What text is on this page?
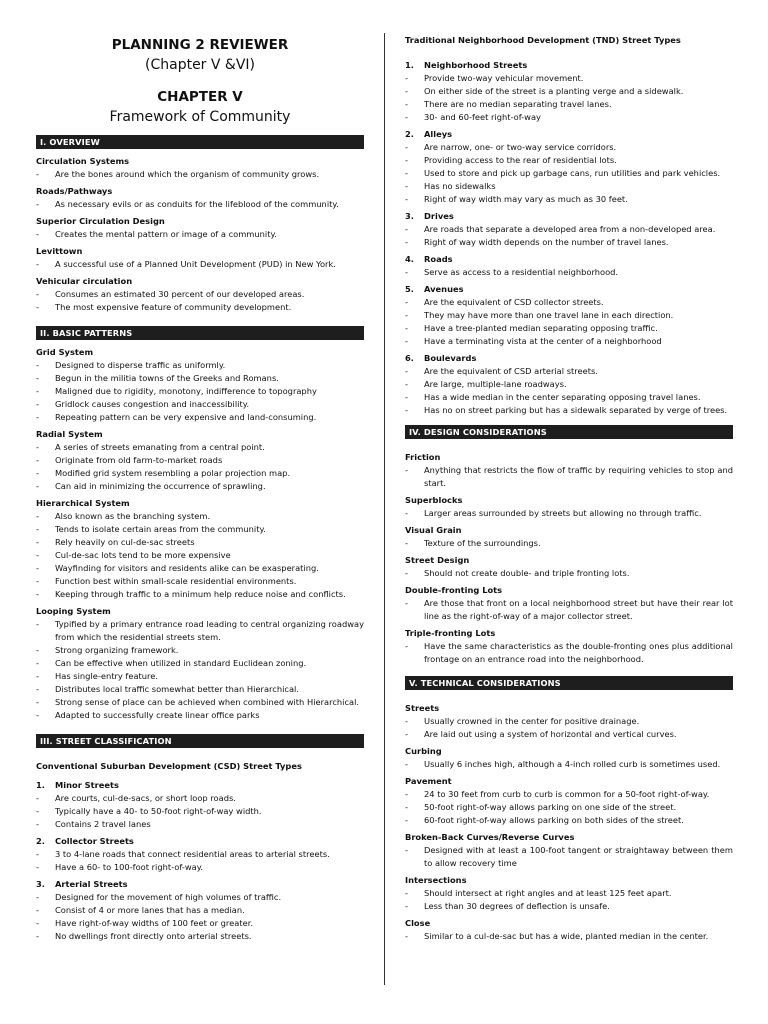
PLANNING 2 REVIEWER
(Chapter V &VI)
CHAPTER V
Framework of Community
I. OVERVIEW
Circulation Systems
-	Are the bones around which the organism of community grows.
Roads/Pathways
-	As necessary evils or as conduits for the lifeblood of the community.
Superior Circulation Design
-	Creates the mental pattern or image of a community.
Levittown
-	A successful use of a Planned Unit Development (PUD) in New York.
Vehicular circulation
-	Consumes an estimated 30 percent of our developed areas.
-	The most expensive feature of community development.
II. BASIC PATTERNS
Grid System
-	Designed to disperse traffic as uniformly.
-	Begun in the militia towns of the Greeks and Romans.
-	Maligned due to rigidity, monotony, indifference to topography
-	Gridlock causes congestion and inaccessibility.
-	Repeating pattern can be very expensive and land-consuming.
Radial System
-	A series of streets emanating from a central point.
-	Originate from old farm-to-market roads
-	Modified grid system resembling a polar projection map.
-	Can aid in minimizing the occurrence of sprawling.
Hierarchical System
-	Also known as the branching system.
-	Tends to isolate certain areas from the community.
-	Rely heavily on cul-de-sac streets
-	Cul-de-sac lots tend to be more expensive
-	Wayfinding for visitors and residents alike can be exasperating.
-	Function best within small-scale residential environments.
-	Keeping through traffic to a minimum help reduce noise and conflicts.
Looping System
-	Typified by a primary entrance road leading to central organizing roadway from which the residential streets stem.
-	Strong organizing framework.
-	Can be effective when utilized in standard Euclidean zoning.
-	Has single-entry feature.
-	Distributes local traffic somewhat better than Hierarchical.
-	Strong sense of place can be achieved when combined with Hierarchical.
-	Adapted to successfully create linear office parks
III. STREET CLASSIFICATION
Conventional Suburban Development (CSD) Street Types
1.	Minor Streets
-	Are courts, cul-de-sacs, or short loop roads.
-	Typically have a 40- to 50-foot right-of-way width.
-	Contains 2 travel lanes
2.	Collector Streets
-	3 to 4-lane roads that connect residential areas to arterial streets.
-	Have a 60- to 100-foot right-of-way.
3.	Arterial Streets
-	Designed for the movement of high volumes of traffic.
-	Consist of 4 or more lanes that has a median.
-	Have right-of-way widths of 100 feet or greater.
-	No dwellings front directly onto arterial streets.
Traditional Neighborhood Development (TND) Street Types
1.	Neighborhood Streets
-	Provide two-way vehicular movement.
-	On either side of the street is a planting verge and a sidewalk.
-	There are no median separating travel lanes.
-	30- and 60-feet right-of-way
2.	Alleys
-	Are narrow, one- or two-way service corridors.
-	Providing access to the rear of residential lots.
-	Used to store and pick up garbage cans, run utilities and park vehicles.
-	Has no sidewalks
-	Right of way width may vary as much as 30 feet.
3.	Drives
-	Are roads that separate a developed area from a non-developed area.
-	Right of way width depends on the number of travel lanes.
4.	Roads
-	Serve as access to a residential neighborhood.
5.	Avenues
-	Are the equivalent of CSD collector streets.
-	They may have more than one travel lane in each direction.
-	Have a tree-planted median separating opposing traffic.
-	Have a terminating vista at the center of a neighborhood
6.	Boulevards
-	Are the equivalent of CSD arterial streets.
-	Are large, multiple-lane roadways.
-	Has a wide median in the center separating opposing travel lanes.
-	Has no on street parking but has a sidewalk separated by verge of trees.
IV. DESIGN CONSIDERATIONS
Friction
-	Anything that restricts the flow of traffic by requiring vehicles to stop and start.
Superblocks
-	Larger areas surrounded by streets but allowing no through traffic.
Visual Grain
-	Texture of the surroundings.
Street Design
-	Should not create double- and triple fronting lots.
Double-fronting Lots
-	Are those that front on a local neighborhood street but have their rear lot line as the right-of-way of a major collector street.
Triple-fronting Lots
-	Have the same characteristics as the double-fronting ones plus additional frontage on an entrance road into the neighborhood.
V. TECHNICAL CONSIDERATIONS
Streets
-	Usually crowned in the center for positive drainage.
-	Are laid out using a system of horizontal and vertical curves.
Curbing
-	Usually 6 inches high, although a 4-inch rolled curb is sometimes used.
Pavement
-	24 to 30 feet from curb to curb is common for a 50-foot right-of-way.
-	50-foot right-of-way allows parking on one side of the street.
-	60-foot right-of-way allows parking on both sides of the street.
Broken-Back Curves/Reverse Curves
-	Designed with at least a 100-foot tangent or straightaway between them to allow recovery time
Intersections
-	Should intersect at right angles and at least 125 feet apart.
-	Less than 30 degrees of deflection is unsafe.
Close
-	Similar to a cul-de-sac but has a wide, planted median in the center.
